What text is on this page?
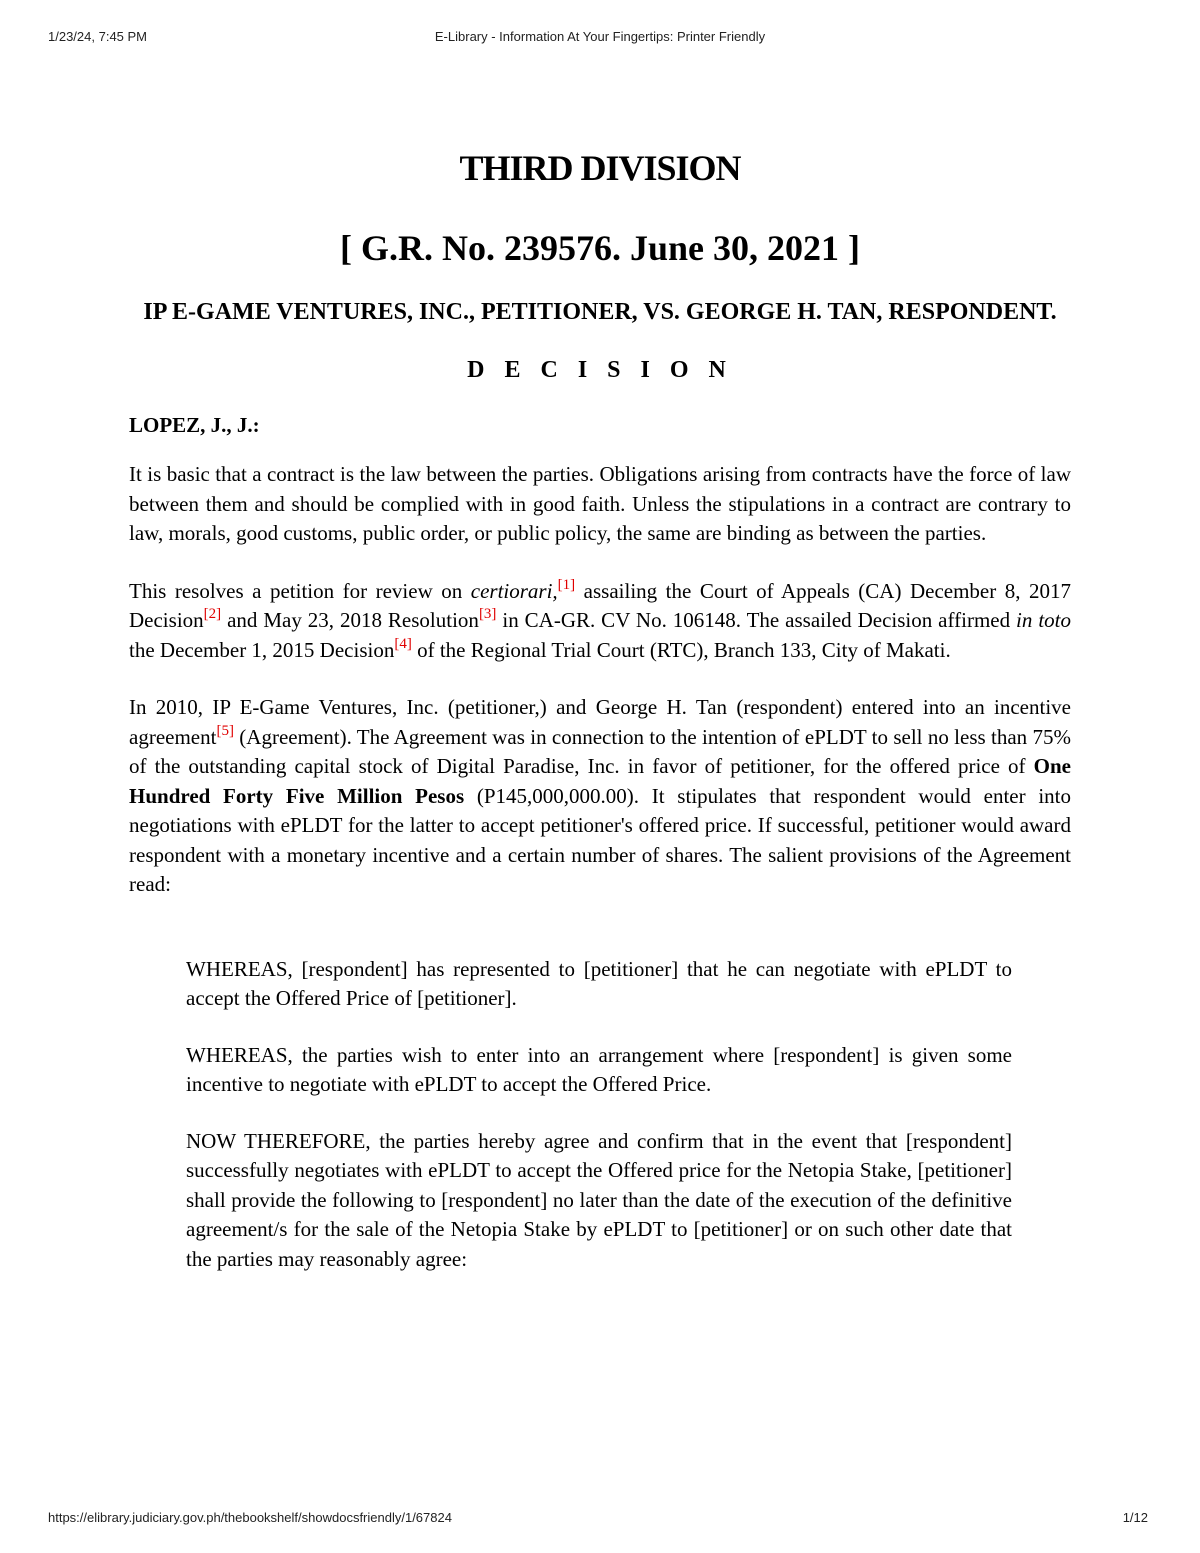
E-Library - Information At Your Fingertips: Printer Friendly
1/23/24, 7:45 PM
THIRD DIVISION
[ G.R. No. 239576. June 30, 2021 ]
IP E-GAME VENTURES, INC., PETITIONER, VS. GEORGE H. TAN, RESPONDENT.
D E C I S I O N
LOPEZ, J., J.:

It is basic that a contract is the law between the parties. Obligations arising from contracts have the force of law between them and should be complied with in good faith. Unless the stipulations in a contract are contrary to law, morals, good customs, public order, or public policy, the same are binding as between the parties.

This resolves a petition for review on certiorari,[1] assailing the Court of Appeals (CA) December 8, 2017 Decision[2] and May 23, 2018 Resolution[3] in CA-GR. CV No. 106148. The assailed Decision affirmed in toto the December 1, 2015 Decision[4] of the Regional Trial Court (RTC), Branch 133, City of Makati.

In 2010, IP E-Game Ventures, Inc. (petitioner,) and George H. Tan (respondent) entered into an incentive agreement[5] (Agreement). The Agreement was in connection to the intention of ePLDT to sell no less than 75% of the outstanding capital stock of Digital Paradise, Inc. in favor of petitioner, for the offered price of One Hundred Forty Five Million Pesos (P145,000,000.00). It stipulates that respondent would enter into negotiations with ePLDT for the latter to accept petitioner's offered price. If successful, petitioner would award respondent with a monetary incentive and a certain number of shares. The salient provisions of the Agreement read:

WHEREAS, [respondent] has represented to [petitioner] that he can negotiate with ePLDT to accept the Offered Price of [petitioner].

WHEREAS, the parties wish to enter into an arrangement where [respondent] is given some incentive to negotiate with ePLDT to accept the Offered Price.

NOW THEREFORE, the parties hereby agree and confirm that in the event that [respondent] successfully negotiates with ePLDT to accept the Offered price for the Netopia Stake, [petitioner] shall provide the following to [respondent] no later than the date of the execution of the definitive agreement/s for the sale of the Netopia Stake by ePLDT to [petitioner] or on such other date that the parties may reasonably agree:

https://elibrary.judiciary.gov.ph/thebookshelf/showdocsfriendly/1/67824	1/12
